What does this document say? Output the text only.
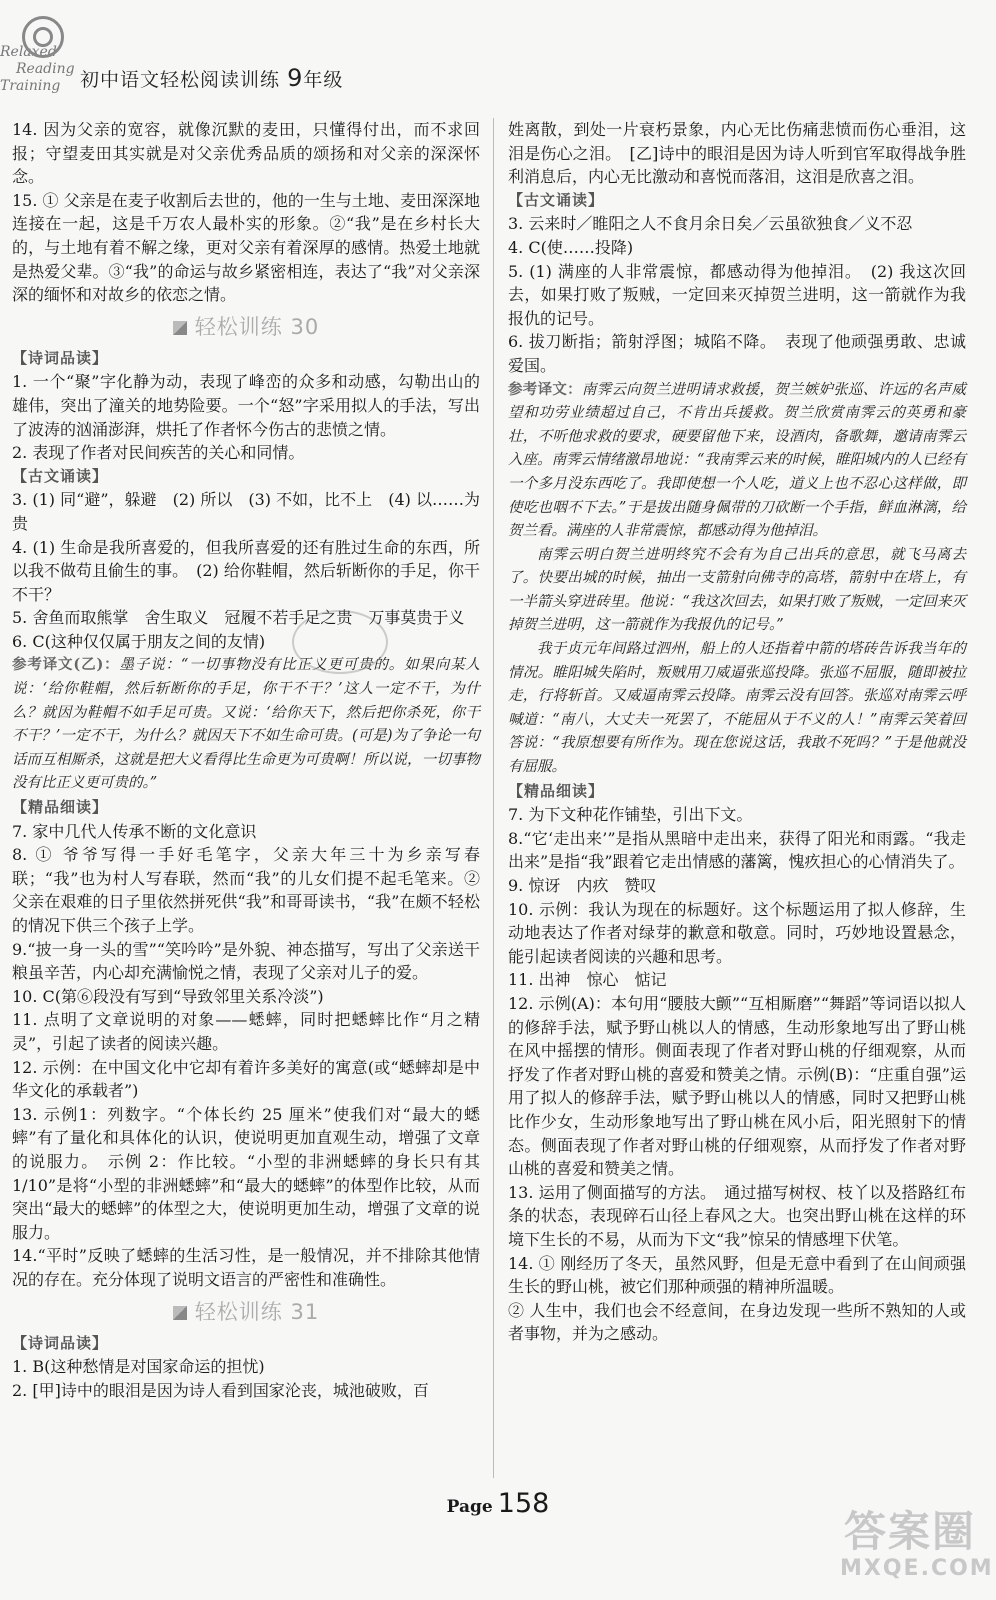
Relaxed
Reading
Training	初中语文轻松阅读训练 9年级

14. 因为父亲的宽容，就像沉默的麦田，只懂得付出，而不求回报；守望麦田其实就是对父亲优秀品质的颂扬和对父亲的深深怀念。

15. ① 父亲是在麦子收割后去世的，他的一生与土地、麦田深深地连接在一起，这是千万农人最朴实的形象。②“我”是在乡村长大的，与土地有着不解之缘，更对父亲有着深厚的感情。热爱土地就是热爱父辈。③“我”的命运与故乡紧密相连，表达了“我”对父亲深深的缅怀和对故乡的依恋之情。

轻松训练 30
【诗词品读】

1. 一个“聚”字化静为动，表现了峰峦的众多和动感，勾勒出山的雄伟，突出了潼关的地势险要。一个“怒”字采用拟人的手法，写出了波涛的汹涌澎湃，烘托了作者怀今伤古的悲愤之情。

2. 表现了作者对民间疾苦的关心和同情。

【古文诵读】

3. (1) 同“避”，躲避　(2) 所以　(3) 不如，比不上　(4) 以……为贵

4. (1) 生命是我所喜爱的，但我所喜爱的还有胜过生命的东西，所以我不做苟且偷生的事。　(2) 给你鞋帽，然后斩断你的手足，你干不干？

5. 舍鱼而取熊掌　舍生取义　冠履不若手足之贵　万事莫贵于义

6. C(这种仅仅属于朋友之间的友情)

参考译文(乙)：墨子说：“一切事物没有比正义更可贵的。如果向某人说：‘给你鞋帽，然后斩断你的手足，你干不干？’这人一定不干，为什么？就因为鞋帽不如手足可贵。又说：‘给你天下，然后把你杀死，你干不干？’一定不干，为什么？就因天下不如生命可贵。(可是)为了争论一句话而互相厮杀，这就是把大义看得比生命更为可贵啊！所以说，一切事物没有比正义更可贵的。”

【精品细读】

7. 家中几代人传承不断的文化意识

8. ① 爷爷写得一手好毛笔字，父亲大年三十为乡亲写春联；“我”也为村人写春联，然而“我”的儿女们提不起毛笔来。② 父亲在艰难的日子里依然拼死供“我”和哥哥读书，“我”在颇不轻松的情况下供三个孩子上学。

9.“披一身一头的雪”“笑吟吟”是外貌、神态描写，写出了父亲送干粮虽辛苦，内心却充满愉悦之情，表现了父亲对儿子的爱。

10. C(第⑥段没有写到“导致邻里关系冷淡”)

11. 点明了文章说明的对象——蟋蟀，同时把蟋蟀比作“月之精灵”，引起了读者的阅读兴趣。

12. 示例：在中国文化中它却有着许多美好的寓意(或“蟋蟀却是中华文化的承载者”)

13. 示例1：列数字。“个体长约 25 厘米”使我们对“最大的蟋蟀”有了量化和具体化的认识，使说明更加直观生动，增强了文章的说服力。　示例 2：作比较。“小型的非洲蟋蟀的身长只有其 1/10”是将“小型的非洲蟋蟀”和“最大的蟋蟀”的体型作比较，从而突出“最大的蟋蟀”的体型之大，使说明更加生动，增强了文章的说服力。

14.“平时”反映了蟋蟀的生活习性，是一般情况，并不排除其他情况的存在。充分体现了说明文语言的严密性和准确性。

轻松训练 31
【诗词品读】

1. B(这种愁情是对国家命运的担忧)

2. [甲]诗中的眼泪是因为诗人看到国家沦丧，城池破败，百

姓离散，到处一片衰朽景象，内心无比伤痛悲愤而伤心垂泪，这泪是伤心之泪。　[乙]诗中的眼泪是因为诗人听到官军取得战争胜利消息后，内心无比激动和喜悦而落泪，这泪是欣喜之泪。

【古文诵读】

3. 云来时／睢阳之人不食月余日矣／云虽欲独食／义不忍

4. C(使……投降)

5. (1) 满座的人非常震惊，都感动得为他掉泪。　(2) 我这次回去，如果打败了叛贼，一定回来灭掉贺兰进明，这一箭就作为我报仇的记号。

6. 拔刀断指；箭射浮图；城陷不降。　表现了他顽强勇敢、忠诚爱国。

参考译文：南霁云向贺兰进明请求救援，贺兰嫉妒张巡、许远的名声威望和功劳业绩超过自己，不肯出兵援救。贺兰欣赏南霁云的英勇和豪壮，不听他求救的要求，硬要留他下来，设酒肉，备歌舞，邀请南霁云入座。南霁云情绪激昂地说：“我南霁云来的时候，睢阳城内的人已经有一个多月没东西吃了。我即使想一个人吃，道义上也不忍心这样做，即使吃也咽不下去。”于是拔出随身佩带的刀砍断一个手指，鲜血淋漓，给贺兰看。满座的人非常震惊，都感动得为他掉泪。

南霁云明白贺兰进明终究不会有为自己出兵的意思，就飞马离去了。快要出城的时候，抽出一支箭射向佛寺的高塔，箭射中在塔上，有一半箭头穿进砖里。他说：“我这次回去，如果打败了叛贼，一定回来灭掉贺兰进明，这一箭就作为我报仇的记号。”

我于贞元年间路过泗州，船上的人还指着中箭的塔砖告诉我当年的情况。睢阳城失陷时，叛贼用刀威逼张巡投降。张巡不屈服，随即被拉走，行将斩首。又威逼南霁云投降。南霁云没有回答。张巡对南霁云呼喊道：“南八，大丈夫一死罢了，不能屈从于不义的人！”南霁云笑着回答说：“我原想要有所作为。现在您说这话，我敢不死吗？”于是他就没有屈服。

【精品细读】

7. 为下文种花作铺垫，引出下文。

8.“它‘走出来’”是指从黑暗中走出来，获得了阳光和雨露。“我走出来”是指“我”跟着它走出情感的藩篱，愧疚担心的心情消失了。

9. 惊讶　内疚　赞叹

10. 示例：我认为现在的标题好。这个标题运用了拟人修辞，生动地表达了作者对绿芽的歉意和敬意。同时，巧妙地设置悬念，能引起读者阅读的兴趣和思考。

11. 出神　惊心　惦记

12. 示例(A)：本句用“腰肢大颤”“互相厮磨”“舞蹈”等词语以拟人的修辞手法，赋予野山桃以人的情感，生动形象地写出了野山桃在风中摇摆的情形。侧面表现了作者对野山桃的仔细观察，从而抒发了作者对野山桃的喜爱和赞美之情。示例(B)：“庄重自强”运用了拟人的修辞手法，赋予野山桃以人的情感，同时又把野山桃比作少女，生动形象地写出了野山桃在风小后，阳光照射下的情态。侧面表现了作者对野山桃的仔细观察，从而抒发了作者对野山桃的喜爱和赞美之情。

13. 运用了侧面描写的方法。　通过描写树杈、枝丫以及搭路红布条的状态，表现碎石山径上春风之大。也突出野山桃在这样的环境下生长的不易，从而为下文“我”惊呆的情感埋下伏笔。

14. ① 刚经历了冬天，虽然风野，但是无意中看到了在山间顽强生长的野山桃，被它们那种顽强的精神所温暖。

② 人生中，我们也会不经意间，在身边发现一些所不熟知的人或者事物，并为之感动。

Page 158
答案圈
MXQE.COM
